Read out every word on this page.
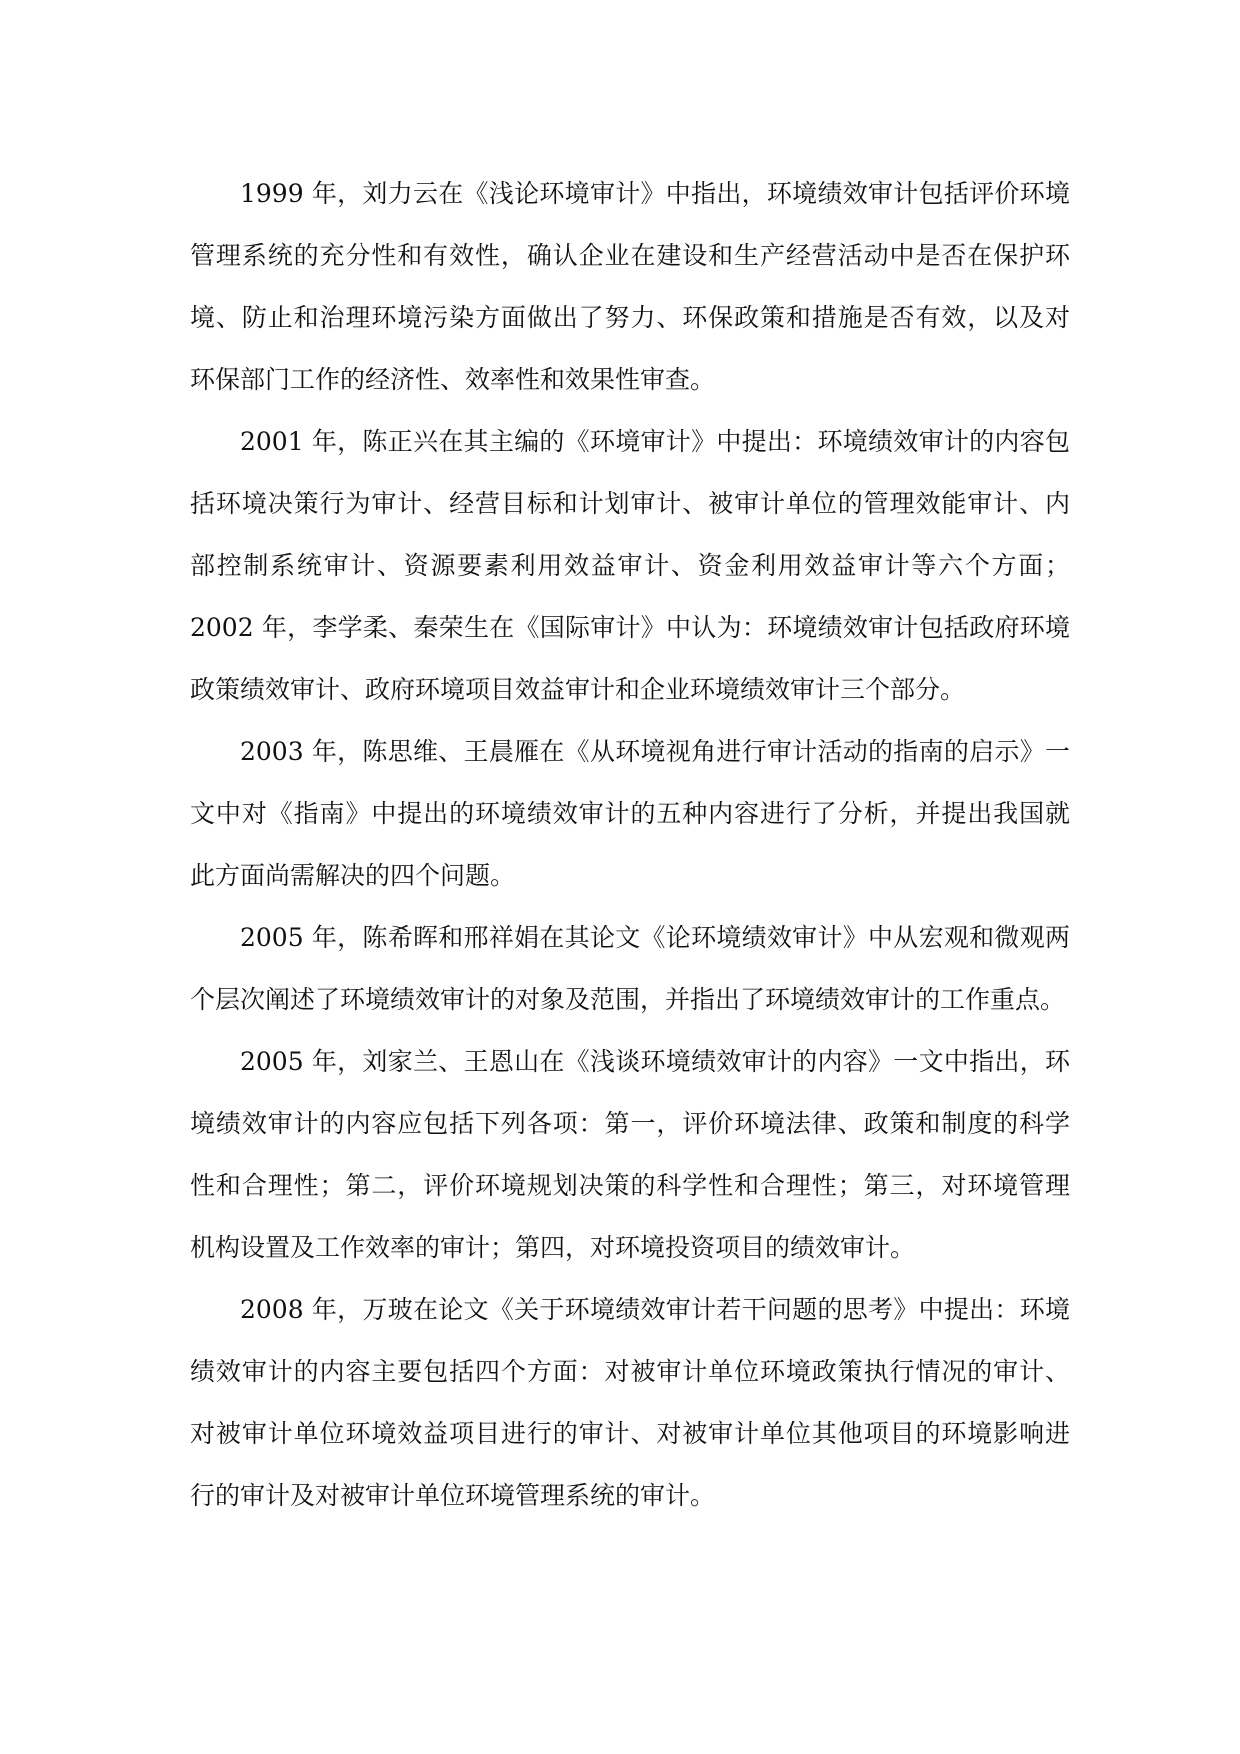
1999 年，刘力云在《浅论环境审计》中指出，环境绩效审计包括评价环境
管理系统的充分性和有效性，确认企业在建设和生产经营活动中是否在保护环
境、防止和治理环境污染方面做出了努力、环保政策和措施是否有效，以及对
环保部门工作的经济性、效率性和效果性审查。
2001 年，陈正兴在其主编的《环境审计》中提出：环境绩效审计的内容包
括环境决策行为审计、经营目标和计划审计、被审计单位的管理效能审计、内
部控制系统审计、资源要素利用效益审计、资金利用效益审计等六个方面；
2002 年，李学柔、秦荣生在《国际审计》中认为：环境绩效审计包括政府环境
政策绩效审计、政府环境项目效益审计和企业环境绩效审计三个部分。
2003 年，陈思维、王晨雁在《从环境视角进行审计活动的指南的启示》一
文中对《指南》中提出的环境绩效审计的五种内容进行了分析，并提出我国就
此方面尚需解决的四个问题。
2005 年，陈希晖和邢祥娟在其论文《论环境绩效审计》中从宏观和微观两
个层次阐述了环境绩效审计的对象及范围，并指出了环境绩效审计的工作重点。
2005 年，刘家兰、王恩山在《浅谈环境绩效审计的内容》一文中指出，环
境绩效审计的内容应包括下列各项：第一，评价环境法律、政策和制度的科学
性和合理性；第二，评价环境规划决策的科学性和合理性；第三，对环境管理
机构设置及工作效率的审计；第四，对环境投资项目的绩效审计。
2008 年，万玻在论文《关于环境绩效审计若干问题的思考》中提出：环境
绩效审计的内容主要包括四个方面：对被审计单位环境政策执行情况的审计、
对被审计单位环境效益项目进行的审计、对被审计单位其他项目的环境影响进
行的审计及对被审计单位环境管理系统的审计。
